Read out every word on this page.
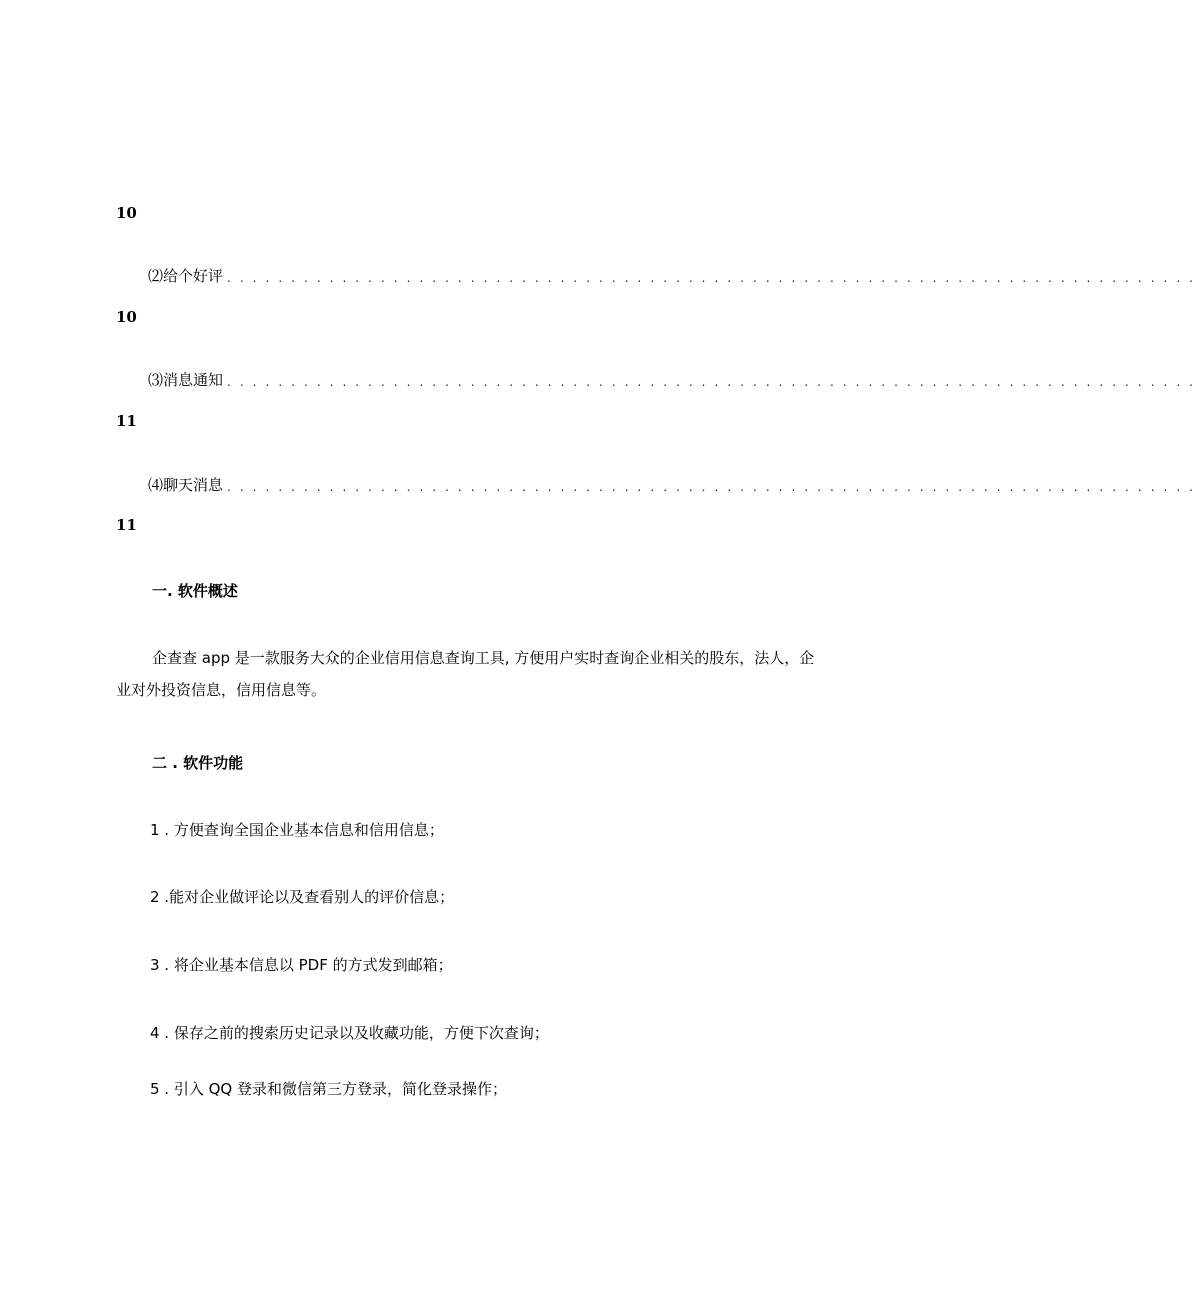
10
⑵给个好评 . . . . . . . . . . . . . . . . . . . . . . . . . . . . . . . . . . . . . . . . . . . . . . . . . . . . . . . . . . . . . . . . . . . . . . . . . . . .
10
⑶消息通知 . . . . . . . . . . . . . . . . . . . . . . . . . . . . . . . . . . . . . . . . . . . . . . . . . . . . . . . . . . . . . . . . . . . . . . . . . . . .
11
⑷聊天消息 . . . . . . . . . . . . . . . . . . . . . . . . . . . . . . . . . . . . . . . . . . . . . . . . . . . . . . . . . . . . . . . . . . . . . . . . . . . .
11
一. 软件概述

企查查 app 是一款服务大众的企业信用信息查询工具, 方便用户实时查询企业相关的股东，法人，企业对外投资信息，信用信息等。

二 . 软件功能
1 . 方便查询全国企业基本信息和信用信息；
2 .能对企业做评论以及查看别人的评价信息；
3 . 将企业基本信息以 PDF 的方式发到邮箱；
4 . 保存之前的搜索历史记录以及收藏功能，方便下次查询；
5 . 引入 QQ 登录和微信第三方登录，简化登录操作；
